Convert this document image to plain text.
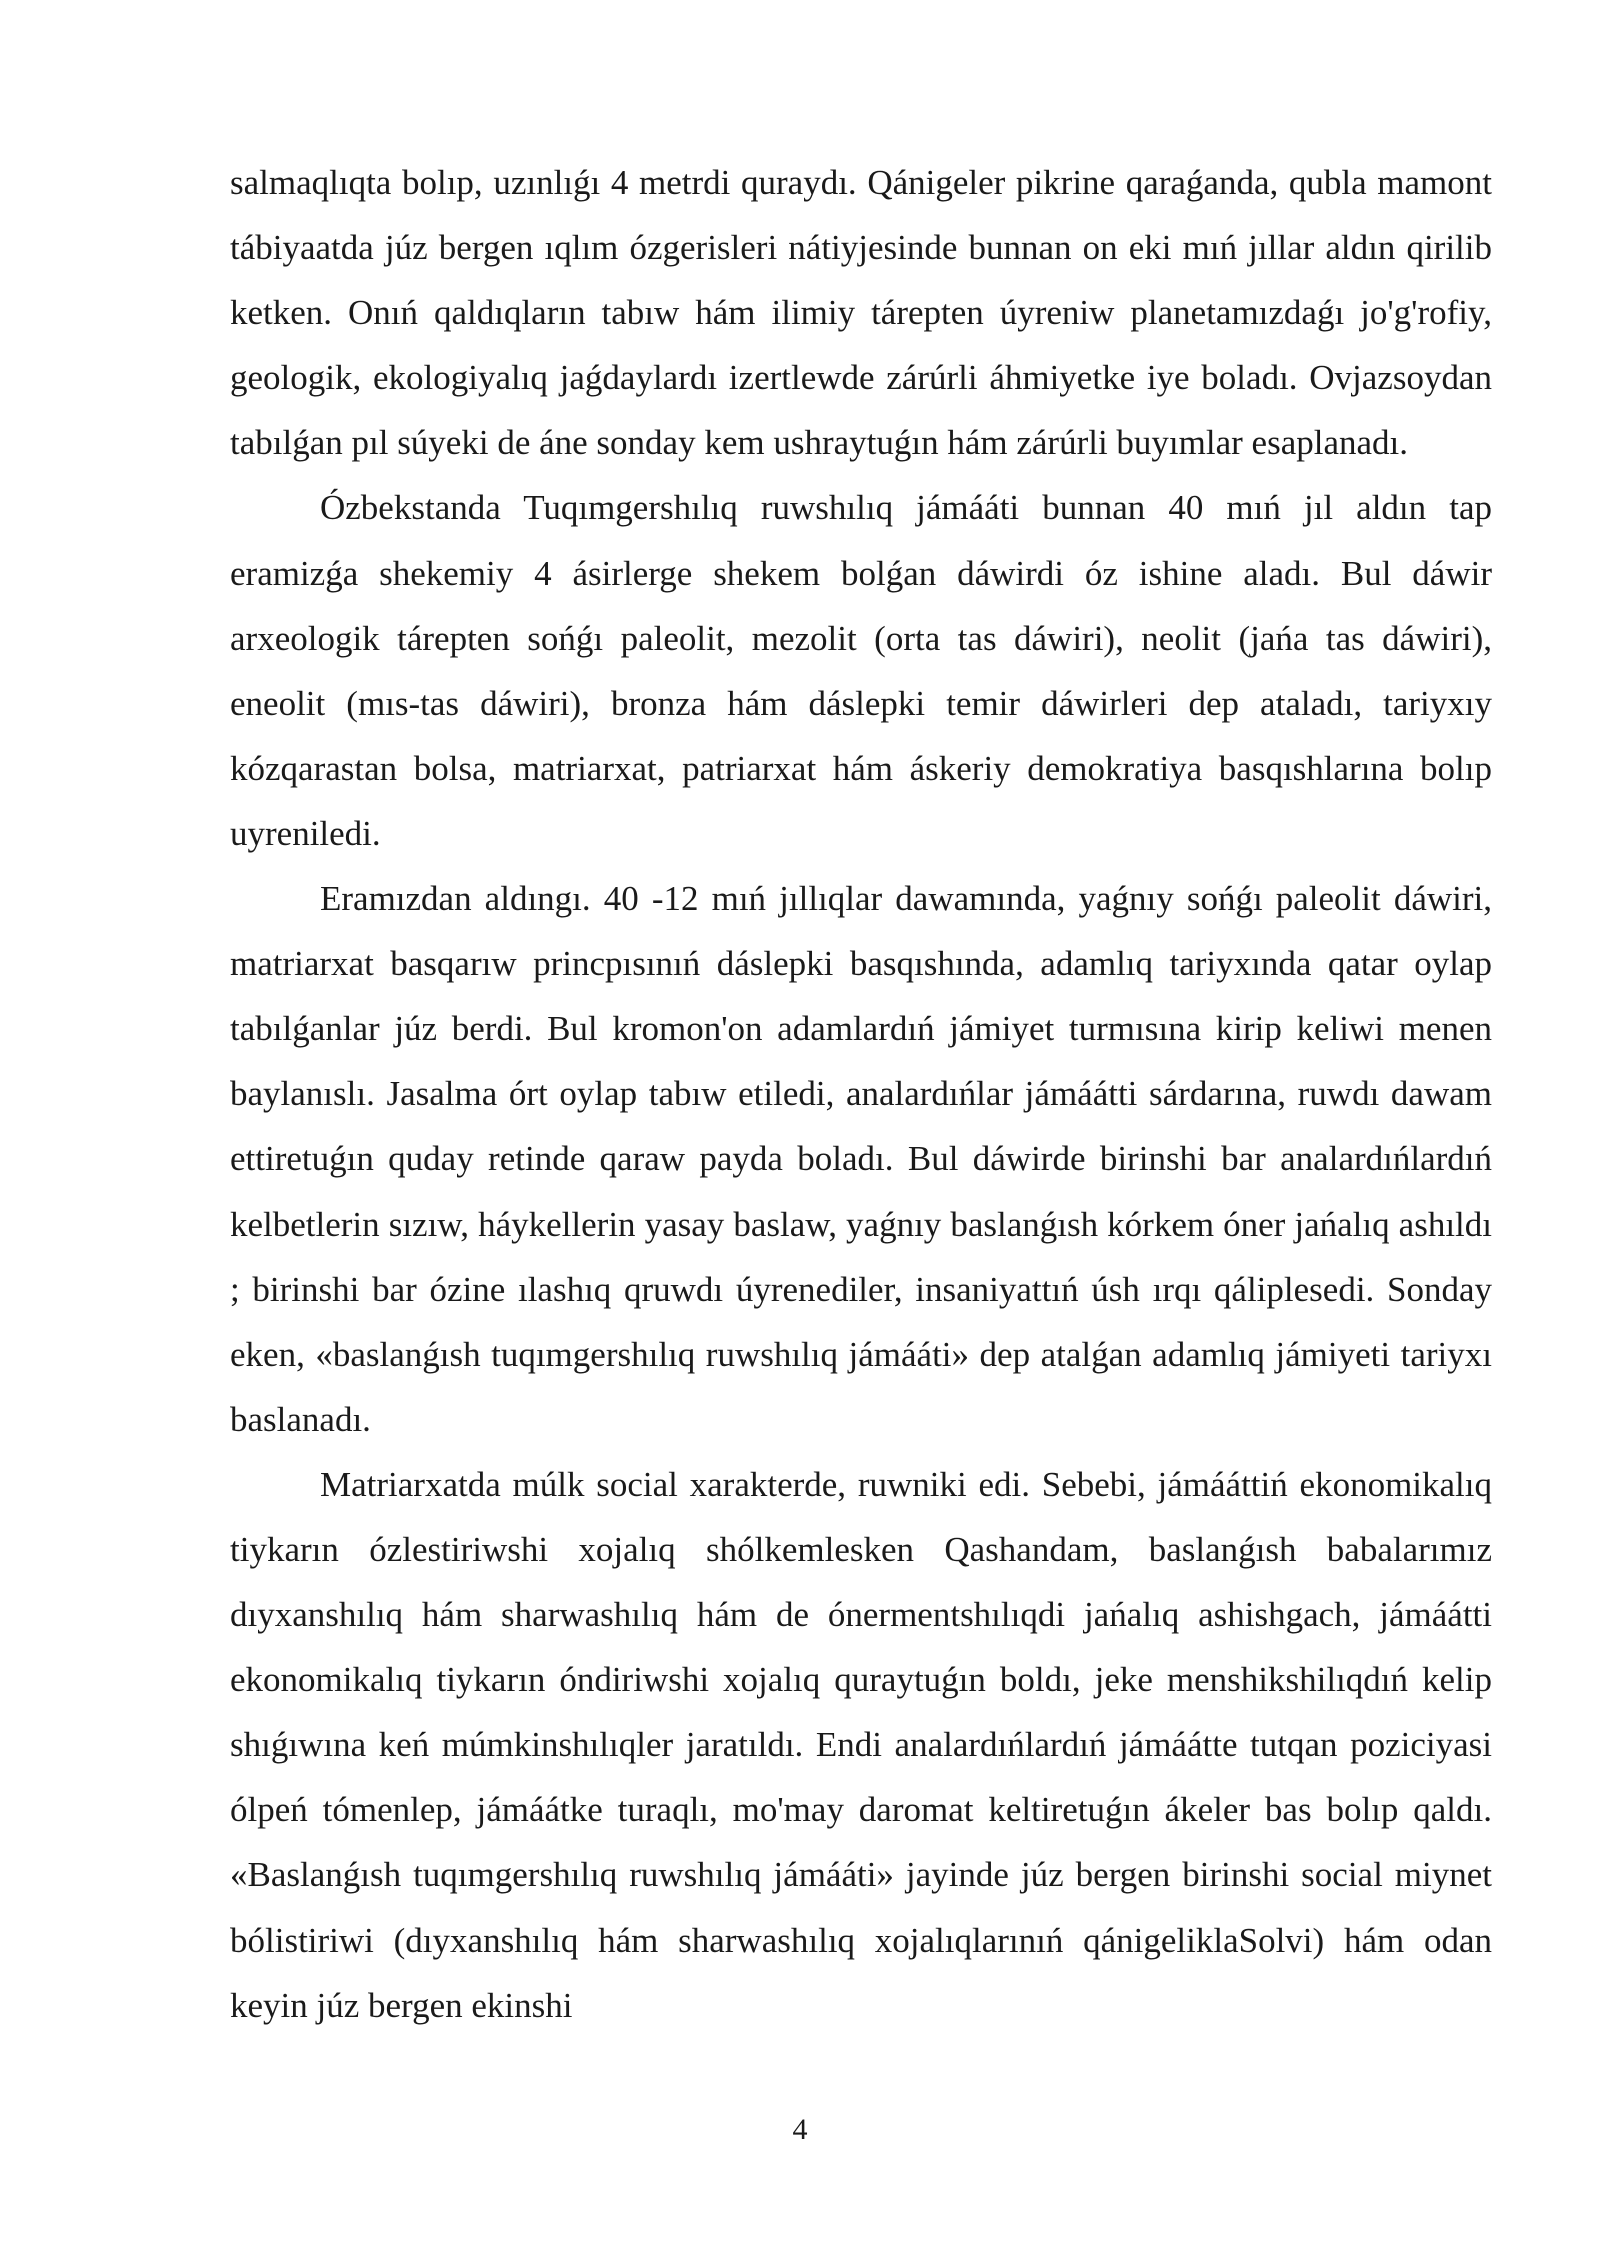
salmaqlıqta bolıp, uzınlıǵı 4 metrdi quraydı. Qánigeler pikrine qaraǵanda, qubla mamont tábiyaatda júz bergen ıqlım ózgerisleri nátiyjesinde bunnan on eki mıń jıllar aldın qirilib ketken. Onıń qaldıqların tabıw hám ilimiy tárepten úyreniw planetamızdaǵı jo'g'rofiy, geologik, ekologiyalıq jaǵdaylardı izertlewde zárúrli áhmiyetke iye boladı. Ovjazsoydan tabılǵan pıl súyeki de áne sonday kem ushraytuǵın hám zárúrli buyımlar esaplanadı.

Ózbekstanda Tuqımgershılıq ruwshılıq jámááti bunnan 40 mıń jıl aldın tap eramizǵa shekemiy 4 ásirlerge shekem bolǵan dáwirdi óz ishine aladı. Bul dáwir arxeologik tárepten sońǵı paleolit, mezolit (orta tas dáwiri), neolit (jańa tas dáwiri), eneolit (mıs-tas dáwiri), bronza hám dáslepki temir dáwirleri dep ataladı, tariyxıy kózqarastan bolsa, matriarxat, patriarxat hám áskeriy demokratiya basqıshlarına bolıp uyreniledi.

Eramızdan aldıngı. 40 -12 mıń jıllıqlar dawamında, yaǵnıy sońǵı paleolit dáwiri, matriarxat basqarıw princpısınıń dáslepki basqıshında, adamlıq tariyxında qatar oylap tabılǵanlar júz berdi. Bul kromon'on adamlardıń jámiyet turmısına kirip keliwi menen baylanıslı. Jasalma órt oylap tabıw etiledi, analardıńlar jámáátti sárdarına, ruwdı dawam ettiretuǵın quday retinde qaraw payda boladı. Bul dáwirde birinshi bar analardıńlardıń kelbetlerin sızıw, háykellerin yasay baslaw, yaǵnıy baslanǵısh kórkem óner jańalıq ashıldı ; birinshi bar ózine ılashıq qruwdı úyrenediler, insaniyattıń úsh ırqı qáliplesedi. Sonday eken, «baslanǵısh tuqımgershılıq ruwshılıq jámááti» dep atalǵan adamlıq jámiyeti tariyxı baslanadı.

Matriarxatda múlk social xarakterde, ruwniki edi. Sebebi, jámááttiń ekonomikalıq tiykarın ózlestiriwshi xojalıq shólkemlesken Qashandam, baslanǵısh babalarımız dıyxanshılıq hám sharwashılıq hám de ónermentshılıqdi jańalıq ashishgach, jámáátti ekonomikalıq tiykarın óndiriwshi xojalıq quraytuǵın boldı, jeke menshikshilıqdıń kelip shıǵıwına keń múmkinshılıqler jaratıldı. Endi analardıńlardıń jámáátte tutqan poziciyasi ólpeń tómenlep, jámáátke turaqlı, mo'may daromat keltiretuǵın ákeler bas bolıp qaldı. «Baslanǵısh tuqımgershılıq ruwshılıq jámááti» jayinde júz bergen birinshi social miynet bólistiriwi (dıyxanshılıq hám sharwashılıq xojalıqlarınıń qánigeliklaSolvi) hám odan keyin júz bergen ekinshi

4
